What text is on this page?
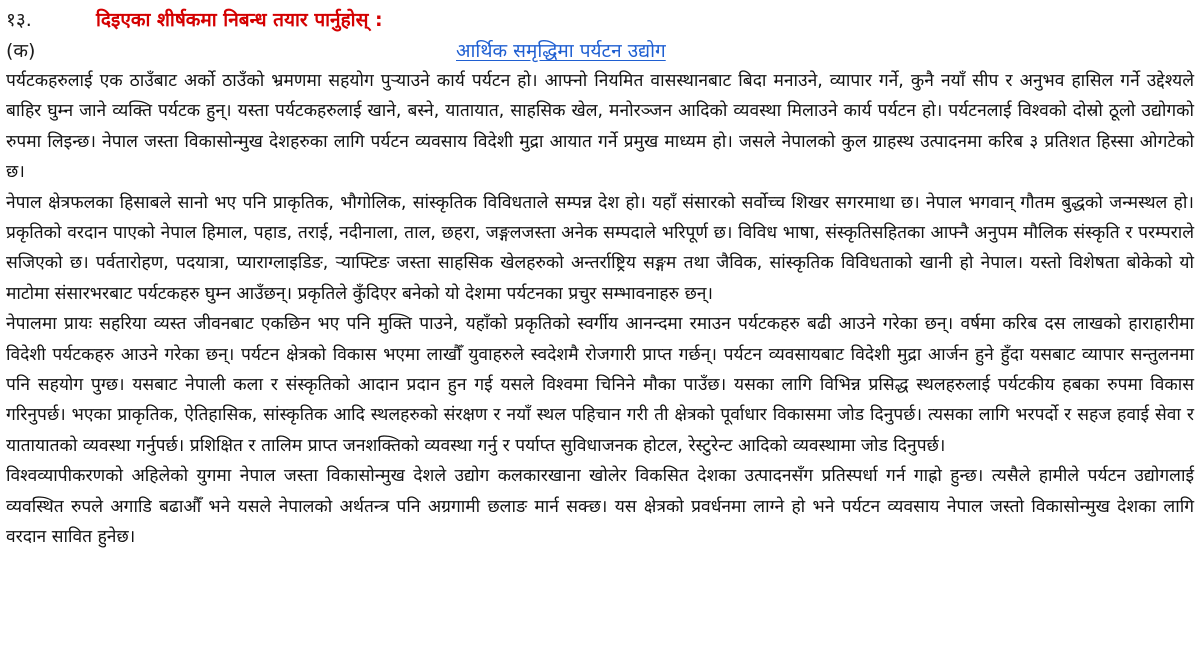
१३.	दिइएका शीर्षकमा निबन्ध तयार पार्नुहोस् :
(क)	आर्थिक समृद्धिमा पर्यटन उद्योग

पर्यटकहरुलाई एक ठाउँबाट अर्को ठाउँको भ्रमणमा सहयोग पुऱ्याउने कार्य पर्यटन हो। आफ्नो नियमित वासस्थानबाट बिदा मनाउने, व्यापार गर्ने, कुनै नयाँ सीप र अनुभव हासिल गर्ने उद्देश्यले बाहिर घुम्न जाने व्यक्ति पर्यटक हुन्। यस्ता पर्यटकहरुलाई खाने, बस्ने, यातायात, साहसिक खेल, मनोरञ्जन आदिको व्यवस्था मिलाउने कार्य पर्यटन हो। पर्यटनलाई विश्वको दोस्रो ठूलो उद्योगको रुपमा लिइन्छ। नेपाल जस्ता विकासोन्मुख देशहरुका लागि पर्यटन व्यवसाय विदेशी मुद्रा आयात गर्ने प्रमुख माध्यम हो। जसले नेपालको कुल ग्राहस्थ उत्पादनमा करिब ३ प्रतिशत हिस्सा ओगटेको छ।

नेपाल क्षेत्रफलका हिसाबले सानो भए पनि प्राकृतिक, भौगोलिक, सांस्कृतिक विविधताले सम्पन्न देश हो। यहाँ संसारको सर्वोच्च शिखर सगरमाथा छ। नेपाल भगवान् गौतम बुद्धको जन्मस्थल हो। प्रकृतिको वरदान पाएको नेपाल हिमाल, पहाड, तराई, नदीनाला, ताल, छहरा, जङ्गलजस्ता अनेक सम्पदाले भरिपूर्ण छ। विविध भाषा, संस्कृतिसहितका आफ्नै अनुपम मौलिक संस्कृति र परम्पराले सजिएको छ। पर्वतारोहण, पदयात्रा, प्याराग्लाइडिङ, ऱ्याफ्टिङ जस्ता साहसिक खेलहरुको अन्तर्राष्ट्रिय सङ्गम तथा जैविक, सांस्कृतिक विविधताको खानी हो नेपाल। यस्तो विशेषता बोकेको यो माटोमा संसारभरबाट पर्यटकहरु घुम्न आउँछन्। प्रकृतिले कुँदिएर बनेको यो देशमा पर्यटनका प्रचुर सम्भावनाहरु छन्।

नेपालमा प्रायः सहरिया व्यस्त जीवनबाट एकछिन भए पनि मुक्ति पाउने, यहाँको प्रकृतिको स्वर्गीय आनन्दमा रमाउन पर्यटकहरु बढी आउने गरेका छन्। वर्षमा करिब दस लाखको हाराहारीमा विदेशी पर्यटकहरु आउने गरेका छन्। पर्यटन क्षेत्रको विकास भएमा लाखौँ युवाहरुले स्वदेशमै रोजगारी प्राप्त गर्छन्। पर्यटन व्यवसायबाट विदेशी मुद्रा आर्जन हुने हुँदा यसबाट व्यापार सन्तुलनमा पनि सहयोग पुग्छ। यसबाट नेपाली कला र संस्कृतिको आदान प्रदान हुन गई यसले विश्वमा चिनिने मौका पाउँछ। यसका लागि विभिन्न प्रसिद्ध स्थलहरुलाई पर्यटकीय हबका रुपमा विकास गरिनुपर्छ। भएका प्राकृतिक, ऐतिहासिक, सांस्कृतिक आदि स्थलहरुको संरक्षण र नयाँ स्थल पहिचान गरी ती क्षेत्रको पूर्वाधार विकासमा जोड दिनुपर्छ। त्यसका लागि भरपर्दो र सहज हवाई सेवा र यातायातको व्यवस्था गर्नुपर्छ। प्रशिक्षित र तालिम प्राप्त जनशक्तिको व्यवस्था गर्नु र पर्याप्त सुविधाजनक होटल, रेस्टुरेन्ट आदिको व्यवस्थामा जोड दिनुपर्छ।

विश्वव्यापीकरणको अहिलेको युगमा नेपाल जस्ता विकासोन्मुख देशले उद्योग कलकारखाना खोलेर विकसित देशका उत्पादनसँग प्रतिस्पर्धा गर्न गाह्रो हुन्छ। त्यसैले हामीले पर्यटन उद्योगलाई व्यवस्थित रुपले अगाडि बढाऔँ भने यसले नेपालको अर्थतन्त्र पनि अग्रगामी छलाङ मार्न सक्छ। यस क्षेत्रको प्रवर्धनमा लाग्ने हो भने पर्यटन व्यवसाय नेपाल जस्तो विकासोन्मुख देशका लागि वरदान सावित हुनेछ।
